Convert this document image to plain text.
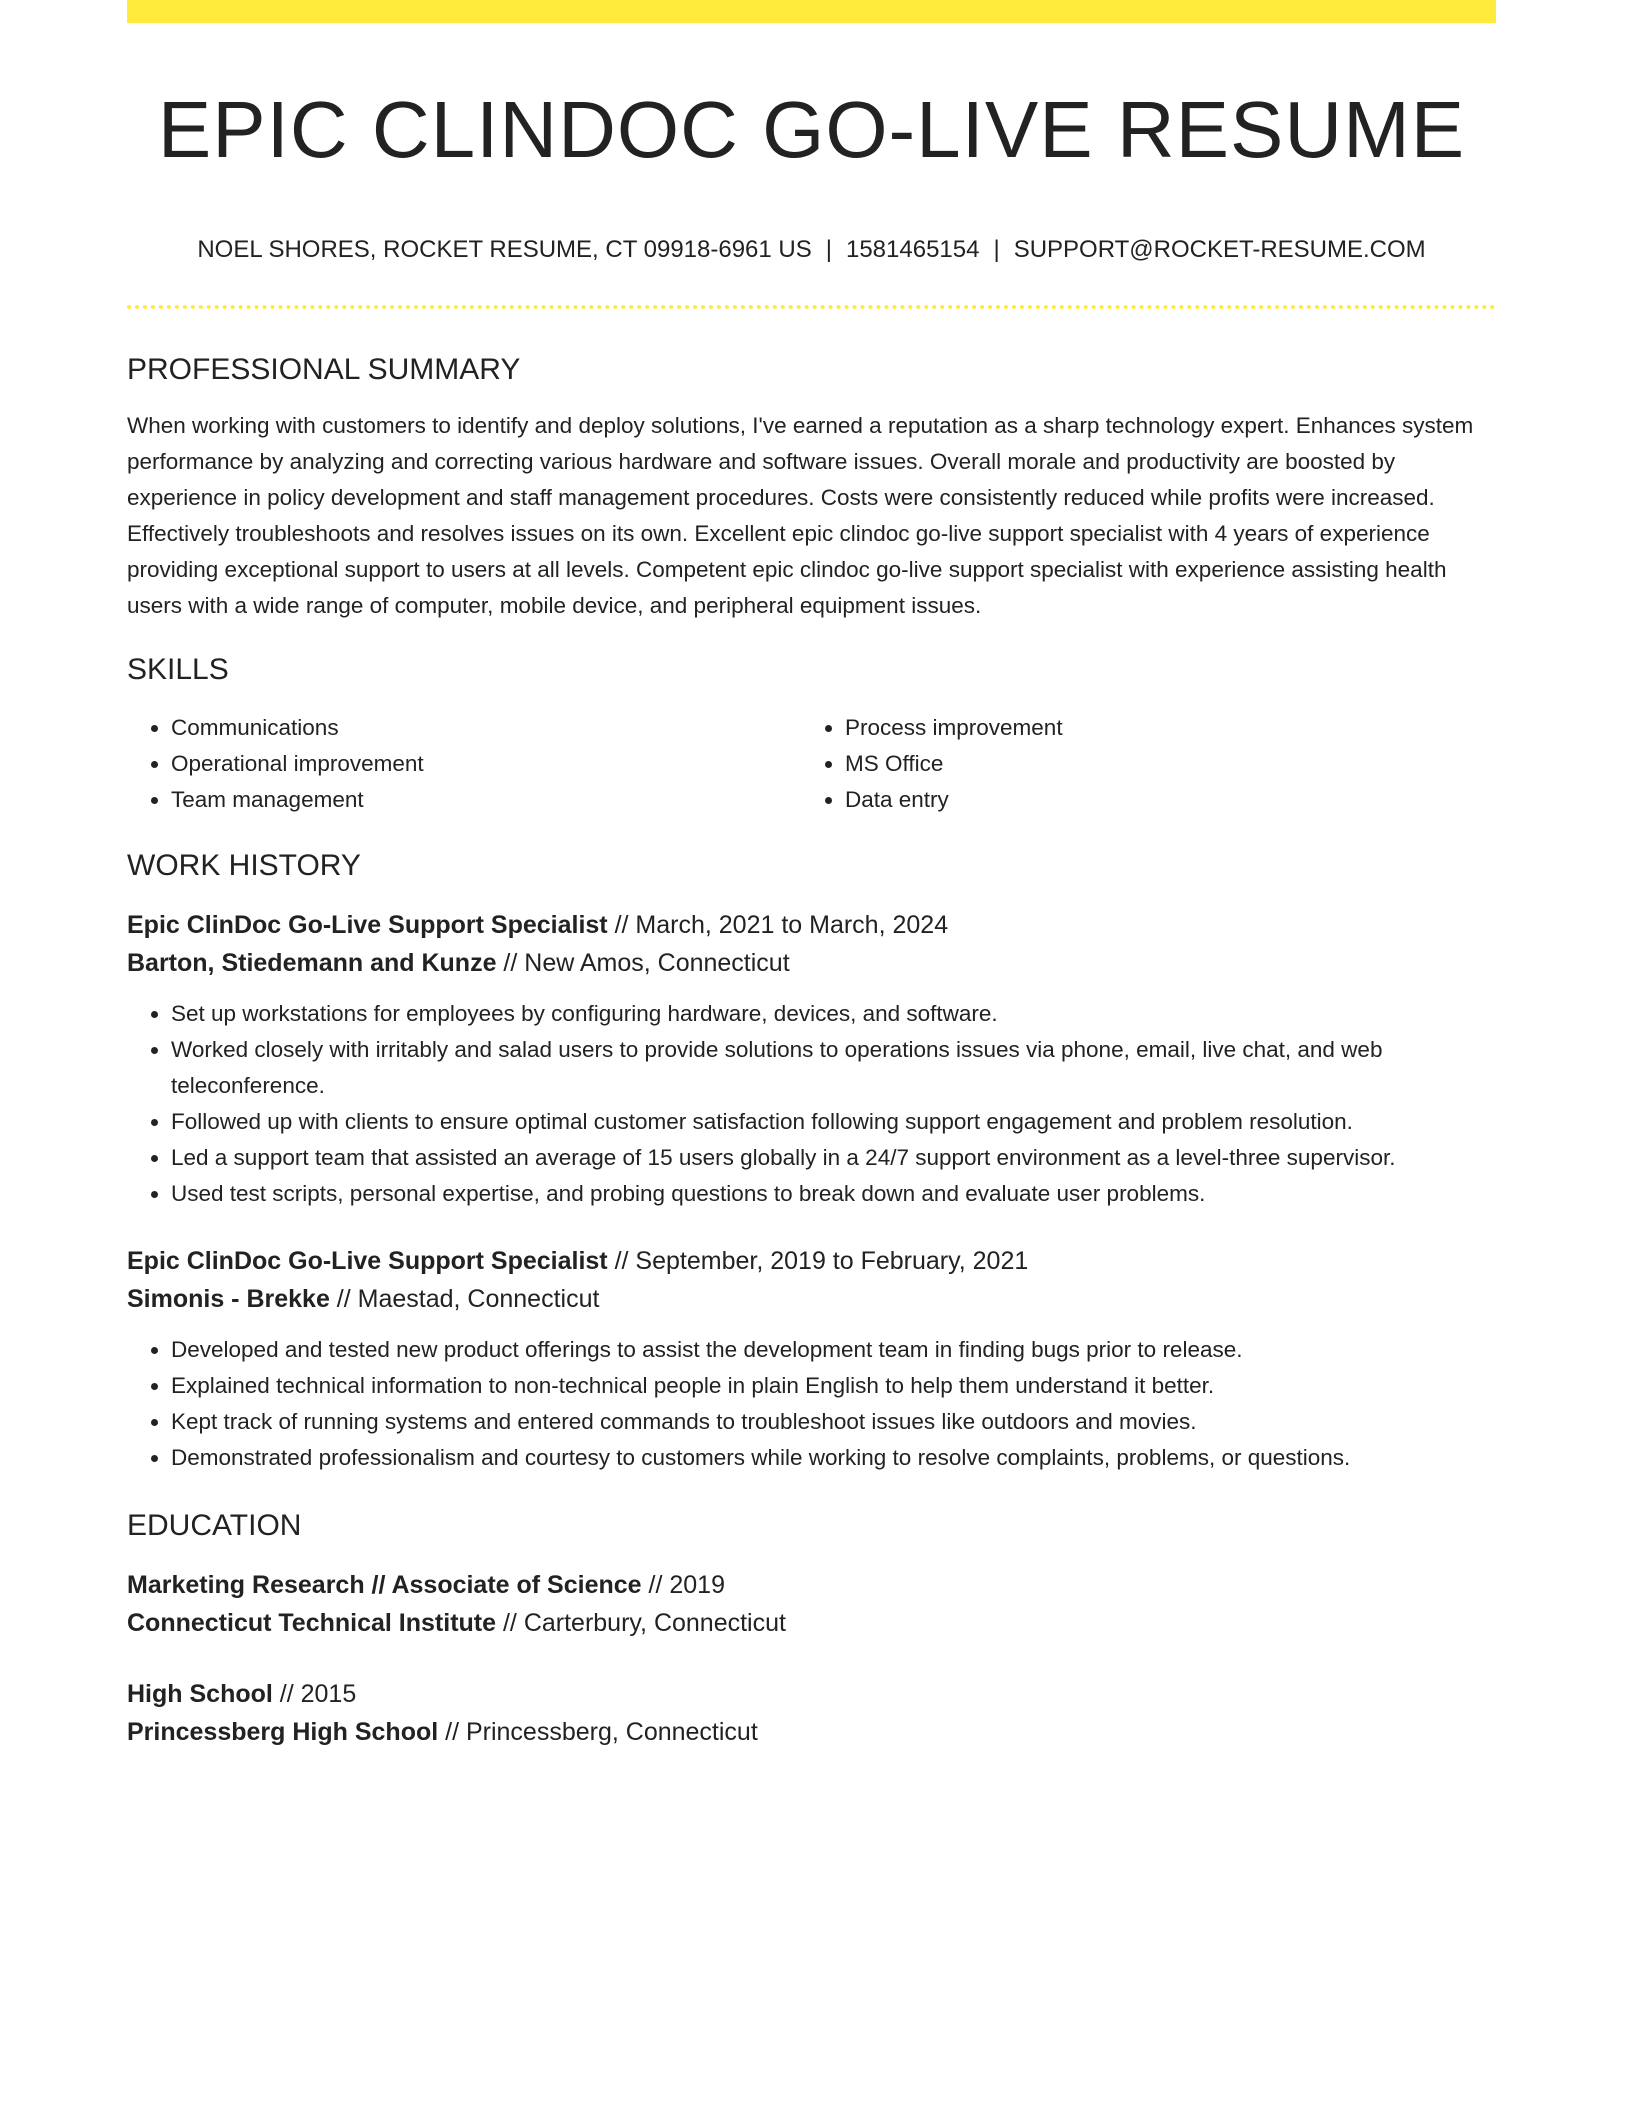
EPIC CLINDOC GO-LIVE RESUME
NOEL SHORES, ROCKET RESUME, CT 09918-6961 US | 1581465154 | SUPPORT@ROCKET-RESUME.COM
PROFESSIONAL SUMMARY

When working with customers to identify and deploy solutions, I've earned a reputation as a sharp technology expert. Enhances system performance by analyzing and correcting various hardware and software issues. Overall morale and productivity are boosted by experience in policy development and staff management procedures. Costs were consistently reduced while profits were increased. Effectively troubleshoots and resolves issues on its own. Excellent epic clindoc go-live support specialist with 4 years of experience providing exceptional support to users at all levels. Competent epic clindoc go-live support specialist with experience assisting health users with a wide range of computer, mobile device, and peripheral equipment issues.

SKILLS
• Communications
• Operational improvement
• Team management
• Process improvement
• MS Office
• Data entry
WORK HISTORY
Epic ClinDoc Go-Live Support Specialist // March, 2021 to March, 2024
Barton, Stiedemann and Kunze // New Amos, Connecticut
• Set up workstations for employees by configuring hardware, devices, and software.
• Worked closely with irritably and salad users to provide solutions to operations issues via phone, email, live chat, and web teleconference.
• Followed up with clients to ensure optimal customer satisfaction following support engagement and problem resolution.
• Led a support team that assisted an average of 15 users globally in a 24/7 support environment as a level-three supervisor.
• Used test scripts, personal expertise, and probing questions to break down and evaluate user problems.
Epic ClinDoc Go-Live Support Specialist // September, 2019 to February, 2021
Simonis - Brekke // Maestad, Connecticut
• Developed and tested new product offerings to assist the development team in finding bugs prior to release.
• Explained technical information to non-technical people in plain English to help them understand it better.
• Kept track of running systems and entered commands to troubleshoot issues like outdoors and movies.
• Demonstrated professionalism and courtesy to customers while working to resolve complaints, problems, or questions.
EDUCATION
Marketing Research // Associate of Science // 2019
Connecticut Technical Institute // Carterbury, Connecticut
High School // 2015
Princessberg High School // Princessberg, Connecticut
